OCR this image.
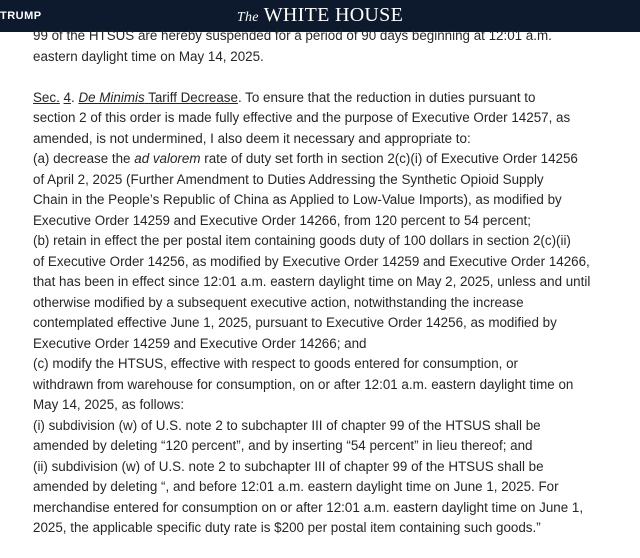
TRUMP	The WHITE HOUSE
99 of the HTSUS are hereby suspended for a period of 90 days beginning at 12:01 a.m.
eastern daylight time on May 14, 2025.
Sec. 4. De Minimis Tariff Decrease. To ensure that the reduction in duties pursuant to
section 2 of this order is made fully effective and the purpose of Executive Order 14257, as
amended, is not undermined, I also deem it necessary and appropriate to:
(a) decrease the ad valorem rate of duty set forth in section 2(c)(i) of Executive Order 14256
of April 2, 2025 (Further Amendment to Duties Addressing the Synthetic Opioid Supply
Chain in the People’s Republic of China as Applied to Low-Value Imports), as modified by
Executive Order 14259 and Executive Order 14266, from 120 percent to 54 percent;
(b) retain in effect the per postal item containing goods duty of 100 dollars in section 2(c)(ii)
of Executive Order 14256, as modified by Executive Order 14259 and Executive Order 14266,
that has been in effect since 12:01 a.m. eastern daylight time on May 2, 2025, unless and until
otherwise modified by a subsequent executive action, notwithstanding the increase
contemplated effective June 1, 2025, pursuant to Executive Order 14256, as modified by
Executive Order 14259 and Executive Order 14266; and
(c) modify the HTSUS, effective with respect to goods entered for consumption, or
withdrawn from warehouse for consumption, on or after 12:01 a.m. eastern daylight time on
May 14, 2025, as follows:
(i) subdivision (w) of U.S. note 2 to subchapter III of chapter 99 of the HTSUS shall be
amended by deleting “120 percent”, and by inserting “54 percent” in lieu thereof; and
(ii) subdivision (w) of U.S. note 2 to subchapter III of chapter 99 of the HTSUS shall be
amended by deleting “, and before 12:01 a.m. eastern daylight time on June 1, 2025. For
merchandise entered for consumption on or after 12:01 a.m. eastern daylight time on June 1,
2025, the applicable specific duty rate is $200 per postal item containing such goods.”
